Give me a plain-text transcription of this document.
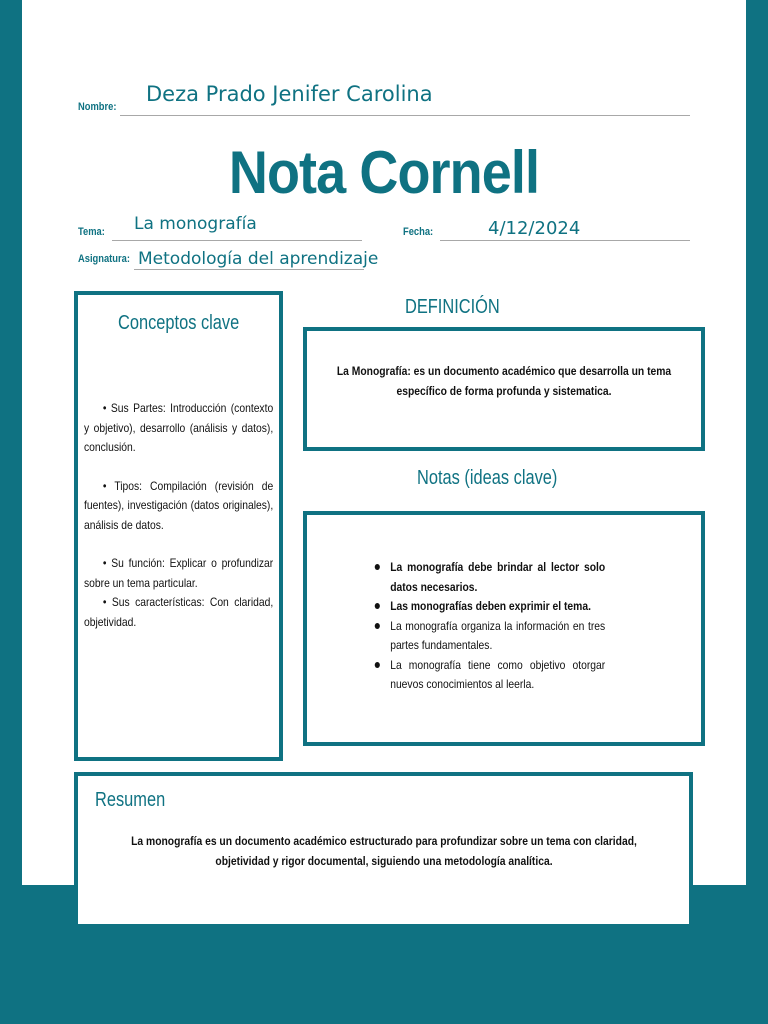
Nombre:
Deza Prado Jenifer Carolina
Nota Cornell
Tema: La monografía	Fecha:	4/12/2024
Asignatura: Metodología del aprendizaje
Conceptos clave
• Sus Partes: Introducción (contexto y objetivo), desarrollo (análisis y datos), conclusión.
• Tipos: Compilación (revisión de fuentes), investigación (datos originales), análisis de datos.
• Su función: Explicar o profundizar sobre un tema particular.
• Sus características: Con claridad, objetividad.
DEFINICIÓN
La Monografía: es un documento académico que desarrolla un tema específico de forma profunda y sistematica.
Notas (ideas clave)
La monografía debe brindar al lector solo datos necesarios.
Las monografías deben exprimir el tema.
La monografía organiza la información en tres partes fundamentales.
La monografía tiene como objetivo otorgar nuevos conocimientos al leerla.
Resumen
La monografía es un documento académico estructurado para profundizar sobre un tema con claridad, objetividad y rigor documental, siguiendo una metodología analítica.
